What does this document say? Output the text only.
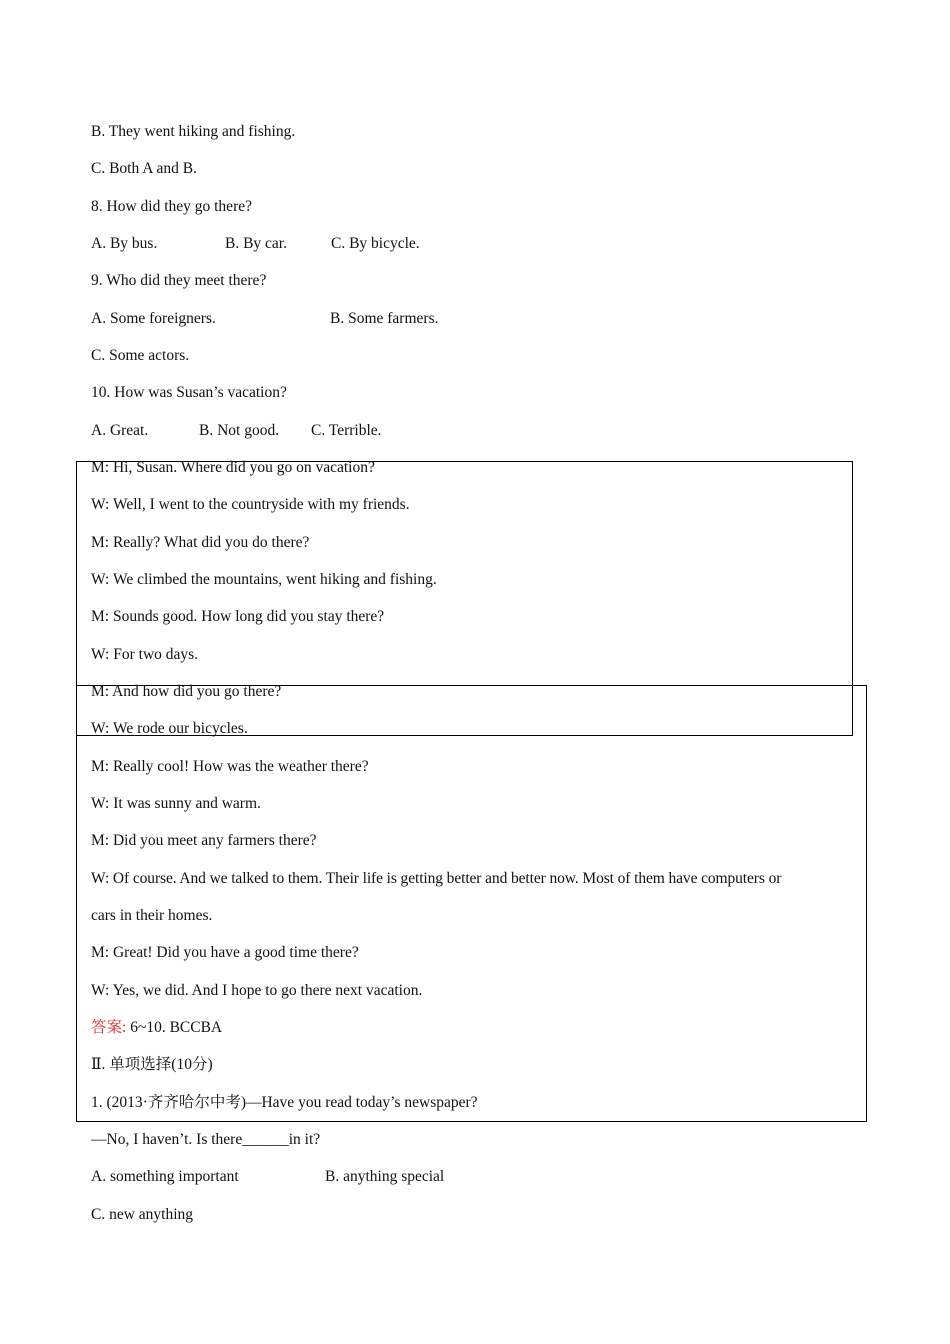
B. They went hiking and fishing.
C. Both A and B.
8. How did they go there?
A. By bus.	B. By car.	C. By bicycle.
9. Who did they meet there?
A. Some foreigners.	B. Some farmers.
C. Some actors.
10. How was Susan’s vacation?
A. Great.	B. Not good. C. Terrible.
M: Hi, Susan. Where did you go on vacation?
W: Well, I went to the countryside with my friends.
M: Really? What did you do there?
W: We climbed the mountains, went hiking and fishing.
M: Sounds good. How long did you stay there?
W: For two days.
M: And how did you go there?
W: We rode our bicycles.
M: Really cool! How was the weather there?
W: It was sunny and warm.
M: Did you meet any farmers there?
W: Of course. And we talked to them. Their life is getting better and better now. Most of them have computers or
cars in their homes.
M: Great! Did you have a good time there?
W: Yes, we did. And I hope to go there next vacation.
答案: 6~10. BCCBA
Ⅱ. 单项选择(10分)
1. (2013·齐齐哈尔中考)—Have you read today’s newspaper?
—No, I haven’t. Is there______in it?
A. something important	B. anything special
C. new anything
